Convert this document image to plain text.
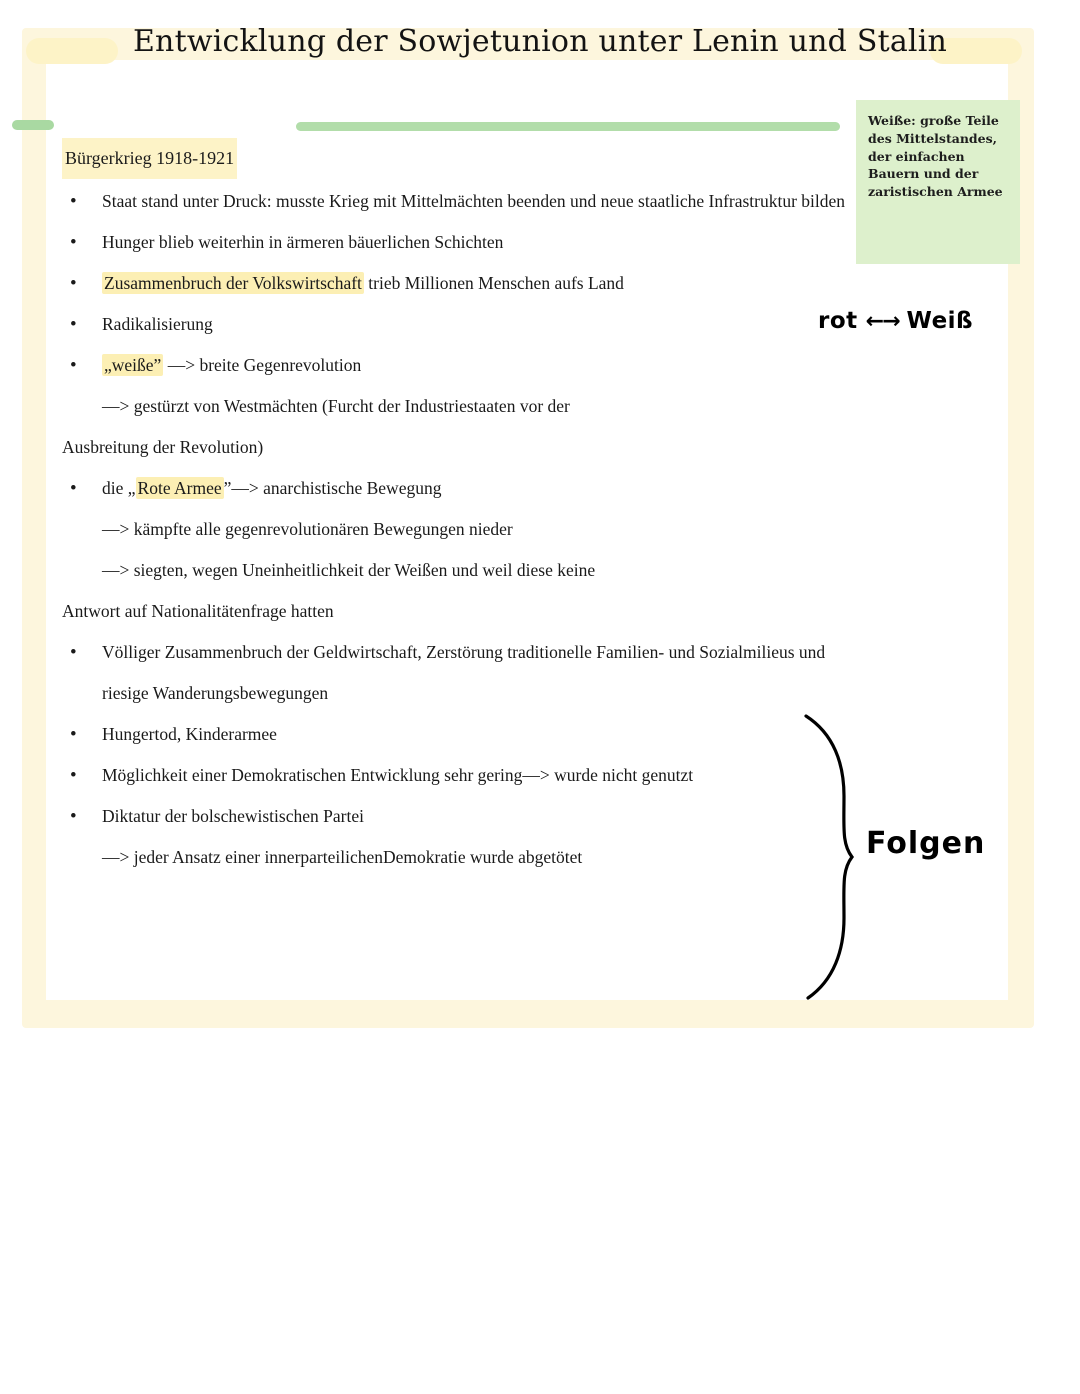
Entwicklung der Sowjetunion unter Lenin und Stalin
Weiße: große Teile des Mittelstandes, der einfachen Bauern und der zaristischen Armee
Bürgerkrieg 1918-1921
• Staat stand unter Druck: musste Krieg mit Mittelmächten beenden und neue staatliche Infrastruktur bilden
• Hunger blieb weiterhin in ärmeren bäuerlichen Schichten
• Zusammenbruch der Volkswirtschaft trieb Millionen Menschen aufs Land
• Radikalisierung
• „weiße” —> breite Gegenrevolution
—> gestürzt von Westmächten (Furcht der Industriestaaten vor der
Ausbreitung der Revolution)
• die „ Rote Armee ”—> anarchistische Bewegung
—> kämpfte alle gegenrevolutionären Bewegungen nieder
—> siegten, wegen Uneinheitlichkeit der Weißen und weil diese keine
Antwort auf Nationalitätenfrage hatten
• Völliger Zusammenbruch der Geldwirtschaft, Zerstörung traditionelle Familien- und Sozialmilieus und riesige Wanderungsbewegungen
• Hungertod, Kinderarmee
• Möglichkeit einer Demokratischen Entwicklung sehr gering—> wurde nicht genutzt
• Diktatur der bolschewistischen Partei
—> jeder Ansatz einer innerparteilichenDemokratie wurde abgetötet
rot ←→ Weiß
Folgen
